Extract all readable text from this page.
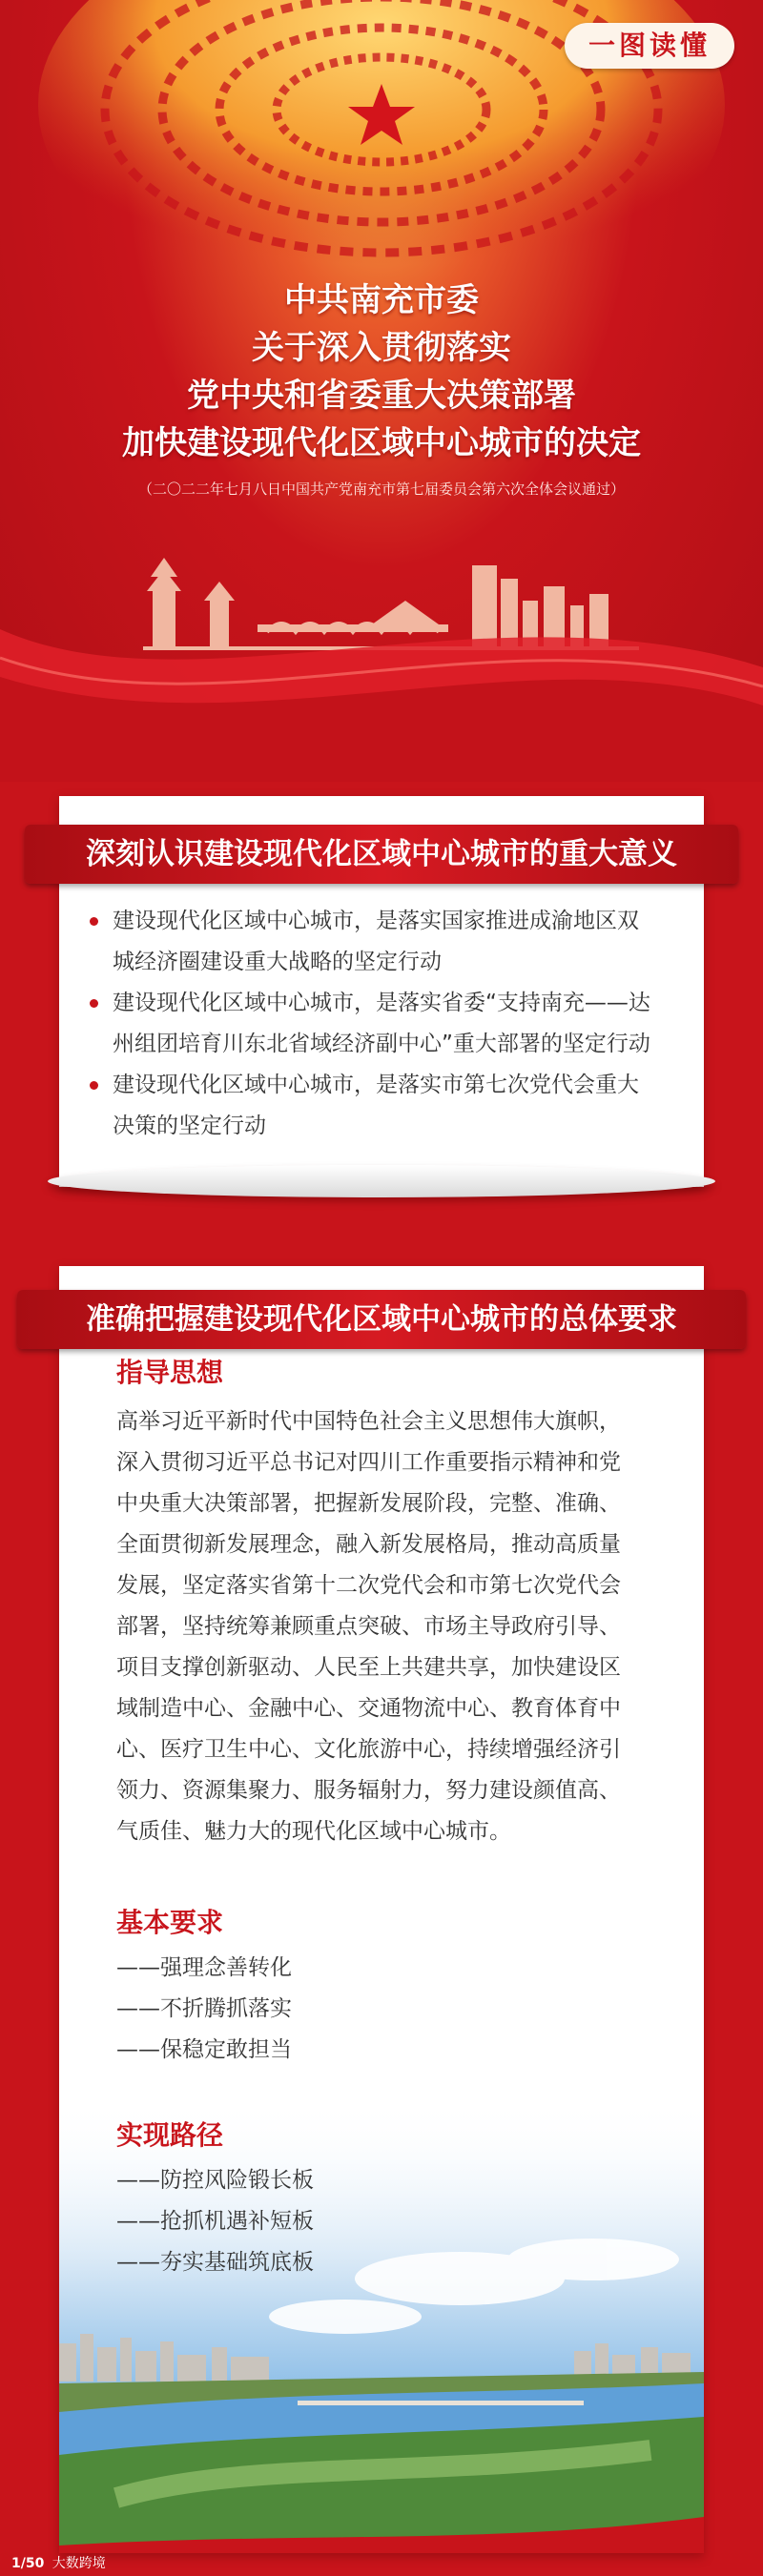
一图读懂
中共南充市委
关于深入贯彻落实
党中央和省委重大决策部署
加快建设现代化区域中心城市的决定
（二〇二二年七月八日中国共产党南充市第七届委员会第六次全体会议通过）
深刻认识建设现代化区域中心城市的重大意义
建设现代化区域中心城市，是落实国家推进成渝地区双
城经济圈建设重大战略的坚定行动
建设现代化区域中心城市，是落实省委“支持南充——达
州组团培育川东北省域经济副中心”重大部署的坚定行动
建设现代化区域中心城市，是落实市第七次党代会重大
决策的坚定行动
准确把握建设现代化区域中心城市的总体要求
指导思想

高举习近平新时代中国特色社会主义思想伟大旗帜，

深入贯彻习近平总书记对四川工作重要指示精神和党

中央重大决策部署，把握新发展阶段，完整、准确、

全面贯彻新发展理念，融入新发展格局，推动高质量

发展，坚定落实省第十二次党代会和市第七次党代会

部署，坚持统筹兼顾重点突破、市场主导政府引导、

项目支撑创新驱动、人民至上共建共享，加快建设区

域制造中心、金融中心、交通物流中心、教育体育中

心、医疗卫生中心、文化旅游中心，持续增强经济引

领力、资源集聚力、服务辐射力，努力建设颜值高、

气质佳、魅力大的现代化区域中心城市。

基本要求
——强理念善转化
——不折腾抓落实
——保稳定敢担当
实现路径
——防控风险锻长板
——抢抓机遇补短板
——夯实基础筑底板
1/50 大数跨境
